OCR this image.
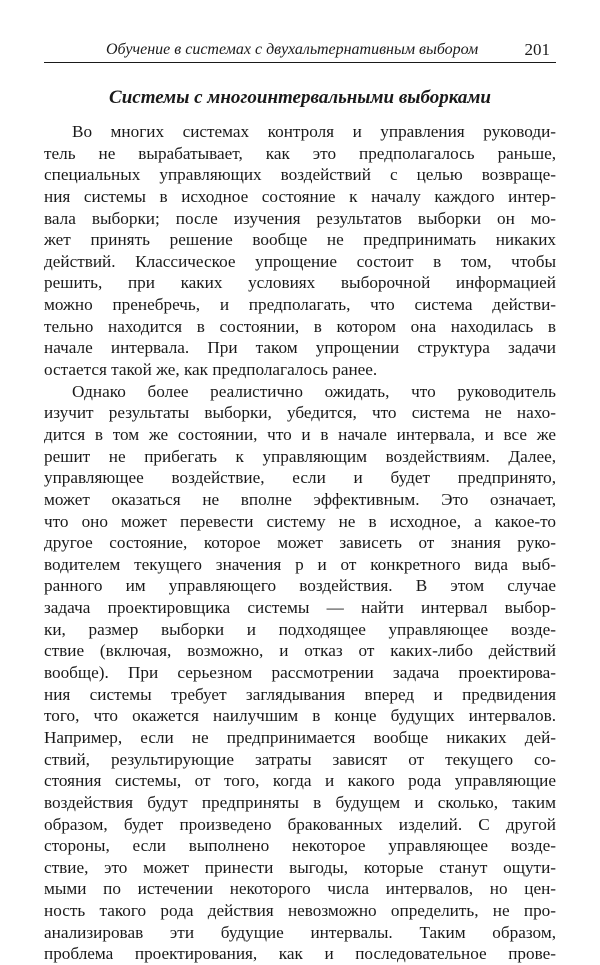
Обучение в системах с двухальтернативным выбором	201
Системы с многоинтервальными выборками
Во многих системах контроля и управления руководи-
тель не вырабатывает, как это предполагалось раньше,
специальных управляющих воздействий с целью возвраще-
ния системы в исходное состояние к началу каждого интер-
вала выборки; после изучения результатов выборки он мо-
жет принять решение вообще не предпринимать никаких
действий. Классическое упрощение состоит в том, чтобы
решить, при каких условиях выборочной информацией
можно пренебречь, и предполагать, что система действи-
тельно находится в состоянии, в котором она находилась в
начале интервала. При таком упрощении структура задачи
остается такой же, как предполагалось ранее.
Однако более реалистично ожидать, что руководитель
изучит результаты выборки, убедится, что система не нахо-
дится в том же состоянии, что и в начале интервала, и все же
решит не прибегать к управляющим воздействиям. Далее,
управляющее воздействие, если и будет предпринято,
может оказаться не вполне эффективным. Это означает,
что оно может перевести систему не в исходное, а какое-то
другое состояние, которое может зависеть от знания руко-
водителем текущего значения p и от конкретного вида выб-
ранного им управляющего воздействия. В этом случае
задача проектировщика системы — найти интервал выбор-
ки, размер выборки и подходящее управляющее возде-
ствие (включая, возможно, и отказ от каких-либо действий
вообще). При серьезном рассмотрении задача проектирова-
ния системы требует заглядывания вперед и предвидения
того, что окажется наилучшим в конце будущих интервалов.
Например, если не предпринимается вообще никаких дей-
ствий, результирующие затраты зависят от текущего со-
стояния системы, от того, когда и какого рода управляющие
воздействия будут предприняты в будущем и сколько, таким
образом, будет произведено бракованных изделий. С другой
стороны, если выполнено некоторое управляющее возде-
ствие, это может принести выгоды, которые станут ощути-
мыми по истечении некоторого числа интервалов, но цен-
ность такого рода действия невозможно определить, не про-
анализировав эти будущие интервалы. Таким образом,
проблема проектирования, как и последовательное прове-
